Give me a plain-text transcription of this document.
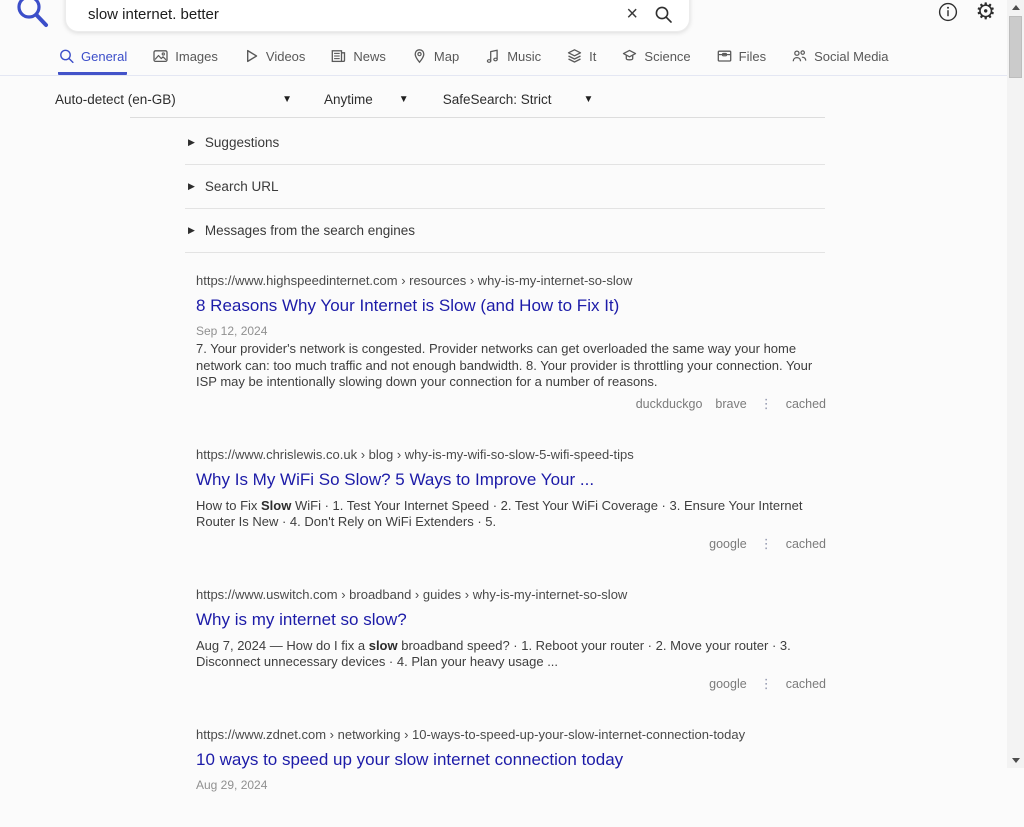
slow internet. better
×	⚙
General	Images	Videos	News	Map	Music	It	Science	Files	Social Media
Auto-detect (en-GB)	▼ Anytime	▼	SafeSearch: Strict	▼
▶ Suggestions
▶ Search URL
▶ Messages from the search engines
https://www.highspeedinternet.com › resources › why-is-my-internet-so-slow
8 Reasons Why Your Internet is Slow (and How to Fix It)
Sep 12, 2024
7. Your provider's network is congested. Provider networks can get overloaded the same way your home network can: too much traffic and not enough bandwidth. 8. Your provider is throttling your connection. Your ISP may be intentionally slowing down your connection for a number of reasons.
duckduckgo brave ⋮ cached
https://www.chrislewis.co.uk › blog › why-is-my-wifi-so-slow-5-wifi-speed-tips
Why Is My WiFi So Slow? 5 Ways to Improve Your ...
How to Fix Slow WiFi · 1. Test Your Internet Speed · 2. Test Your WiFi Coverage · 3. Ensure Your Internet Router Is New · 4. Don't Rely on WiFi Extenders · 5.
google ⋮ cached
https://www.uswitch.com › broadband › guides › why-is-my-internet-so-slow
Why is my internet so slow?
Aug 7, 2024 — How do I fix a slow broadband speed? · 1. Reboot your router · 2. Move your router · 3. Disconnect unnecessary devices · 4. Plan your heavy usage ...
google ⋮ cached
https://www.zdnet.com › networking › 10-ways-to-speed-up-your-slow-internet-connection-today
10 ways to speed up your slow internet connection today
Aug 29, 2024
